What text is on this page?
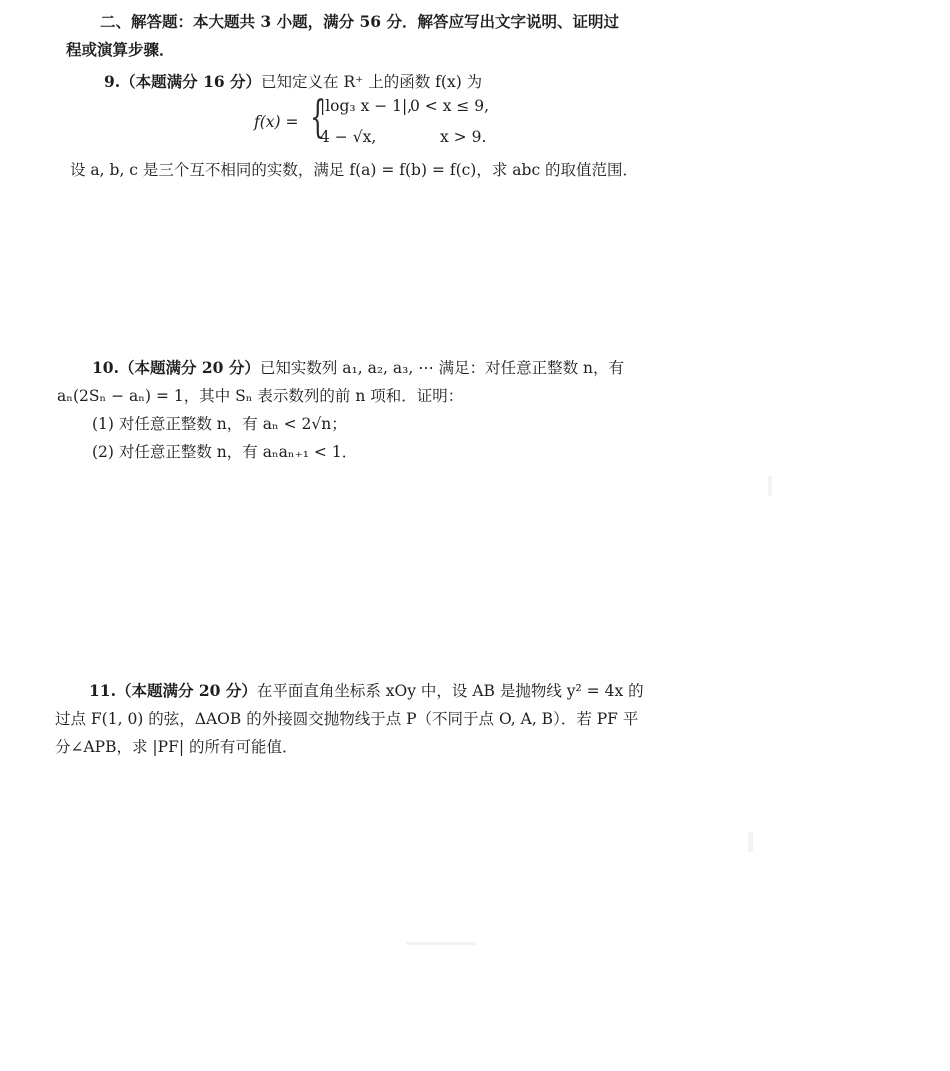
二、解答题：本大题共 3 小题，满分 56 分．解答应写出文字说明、证明过
程或演算步骤．
9.（本题满分 16 分）已知定义在 R⁺ 上的函数 f(x) 为
f(x) = {
|log₃ x − 1|,
0 < x ≤ 9,
4 − √x,	x > 9.
设 a, b, c 是三个互不相同的实数，满足 f(a) = f(b) = f(c)，求 abc 的取值范围．
10.（本题满分 20 分）已知实数列 a₁, a₂, a₃, ⋯ 满足：对任意正整数 n，有
aₙ(2Sₙ − aₙ) = 1，其中 Sₙ 表示数列的前 n 项和．证明：
(1) 对任意正整数 n，有 aₙ < 2√n；
(2) 对任意正整数 n，有 aₙaₙ₊₁ < 1．
11.（本题满分 20 分）在平面直角坐标系 xOy 中，设 AB 是抛物线 y² = 4x 的
过点 F(1, 0) 的弦，ΔAOB 的外接圆交抛物线于点 P（不同于点 O, A, B）．若 PF 平
分∠APB，求 |PF| 的所有可能值．
